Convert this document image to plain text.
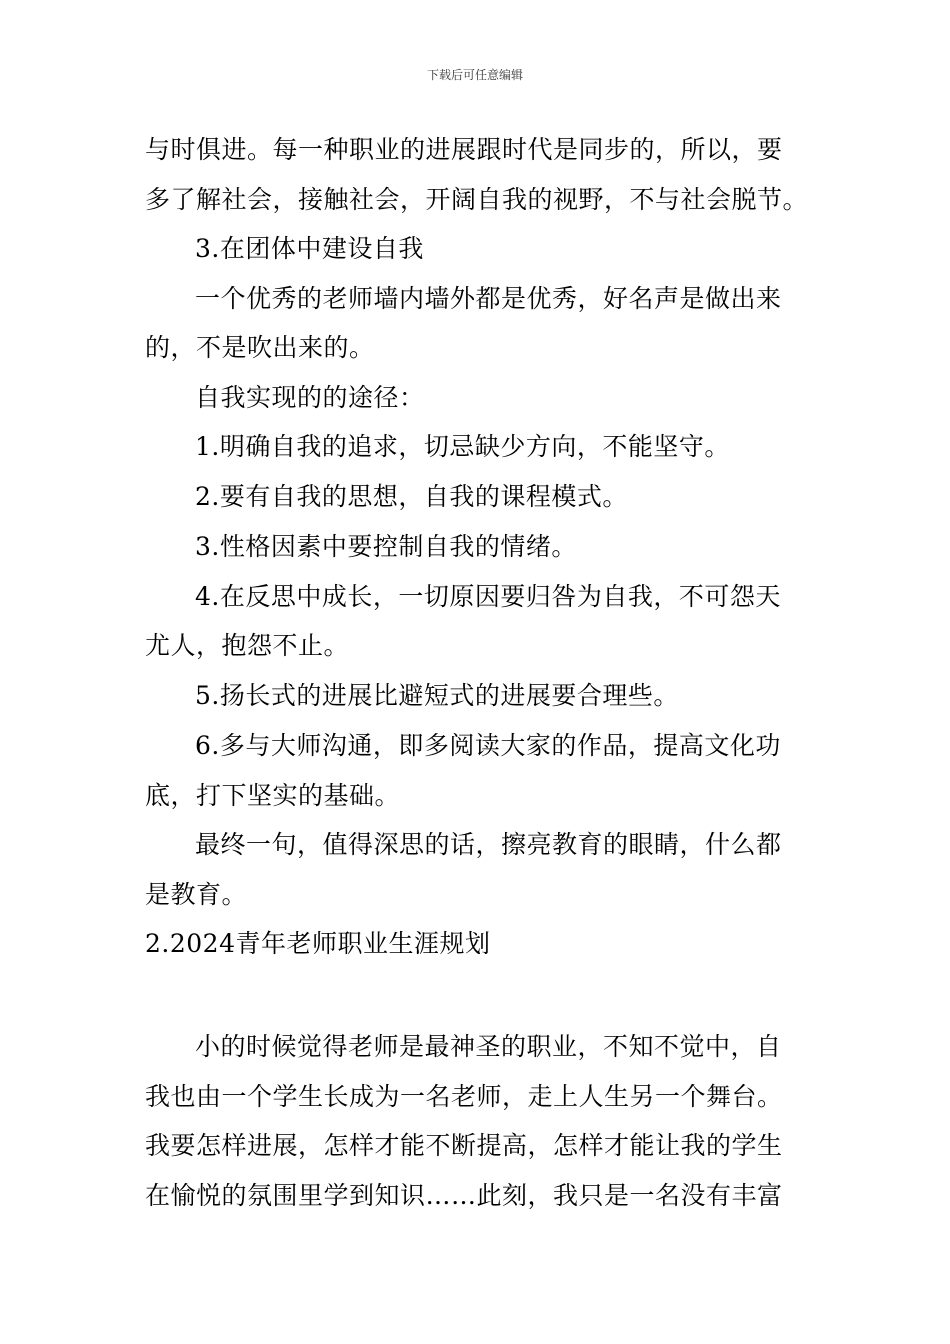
下载后可任意编辑
与时俱进。每一种职业的进展跟时代是同步的，所以，要
多了解社会，接触社会，开阔自我的视野，不与社会脱节。
3.在团体中建设自我
一个优秀的老师墙内墙外都是优秀，好名声是做出来
的，不是吹出来的。
自我实现的的途径：
1.明确自我的追求，切忌缺少方向，不能坚守。
2.要有自我的思想，自我的课程模式。
3.性格因素中要控制自我的情绪。
4.在反思中成长，一切原因要归咎为自我，不可怨天
尤人，抱怨不止。
5.扬长式的进展比避短式的进展要合理些。
6.多与大师沟通，即多阅读大家的作品，提高文化功
底，打下坚实的基础。
最终一句，值得深思的话，擦亮教育的眼睛，什么都
是教育。
2.2024青年老师职业生涯规划
小的时候觉得老师是最神圣的职业，不知不觉中，自
我也由一个学生长成为一名老师，走上人生另一个舞台。
我要怎样进展，怎样才能不断提高，怎样才能让我的学生
在愉悦的氛围里学到知识……此刻，我只是一名没有丰富
